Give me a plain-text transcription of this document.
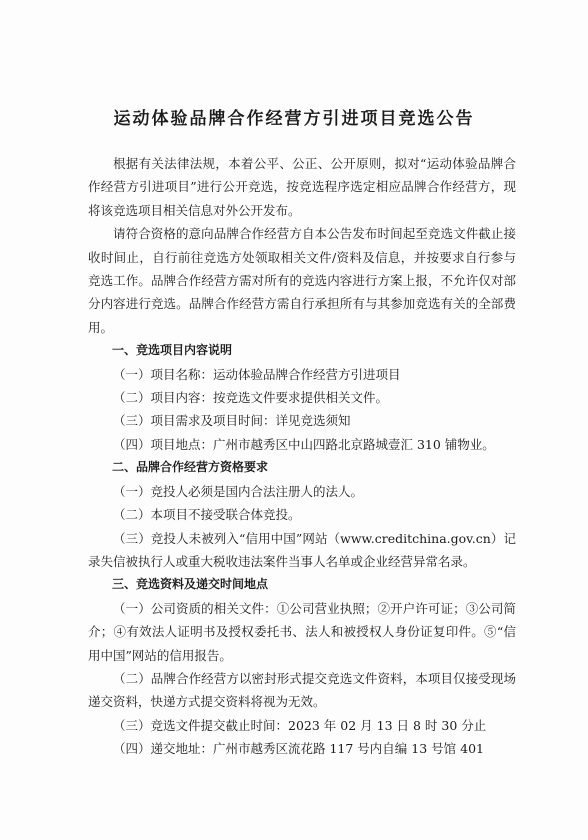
运动体验品牌合作经营方引进项目竞选公告

根据有关法律法规，本着公平、公正、公开原则，拟对“运动体验品牌合作经营方引进项目”进行公开竞选，按竞选程序选定相应品牌合作经营方，现将该竞选项目相关信息对外公开发布。

请符合资格的意向品牌合作经营方自本公告发布时间起至竞选文件截止接收时间止，自行前往竞选方处领取相关文件/资料及信息，并按要求自行参与竞选工作。品牌合作经营方需对所有的竞选内容进行方案上报，不允许仅对部分内容进行竞选。品牌合作经营方需自行承担所有与其参加竞选有关的全部费用。

一、竞选项目内容说明

（一）项目名称：运动体验品牌合作经营方引进项目

（二）项目内容：按竞选文件要求提供相关文件。

（三）项目需求及项目时间：详见竞选须知

（四）项目地点：广州市越秀区中山四路北京路城壹汇 310 铺物业。

二、品牌合作经营方资格要求

（一）竞投人必须是国内合法注册人的法人。

（二）本项目不接受联合体竞投。

（三）竞投人未被列入“信用中国”网站（www.creditchina.gov.cn）记录失信被执行人或重大税收违法案件当事人名单或企业经营异常名录。

三、竞选资料及递交时间地点

（一）公司资质的相关文件：①公司营业执照；②开户许可证；③公司简介；④有效法人证明书及授权委托书、法人和被授权人身份证复印件。⑤“信用中国”网站的信用报告。

（二）品牌合作经营方以密封形式提交竞选文件资料，本项目仅接受现场递交资料，快递方式提交资料将视为无效。

（三）竞选文件提交截止时间：2023 年 02 月 13 日 8 时 30 分止

（四）递交地址：广州市越秀区流花路 117 号内自编 13 号馆 401
